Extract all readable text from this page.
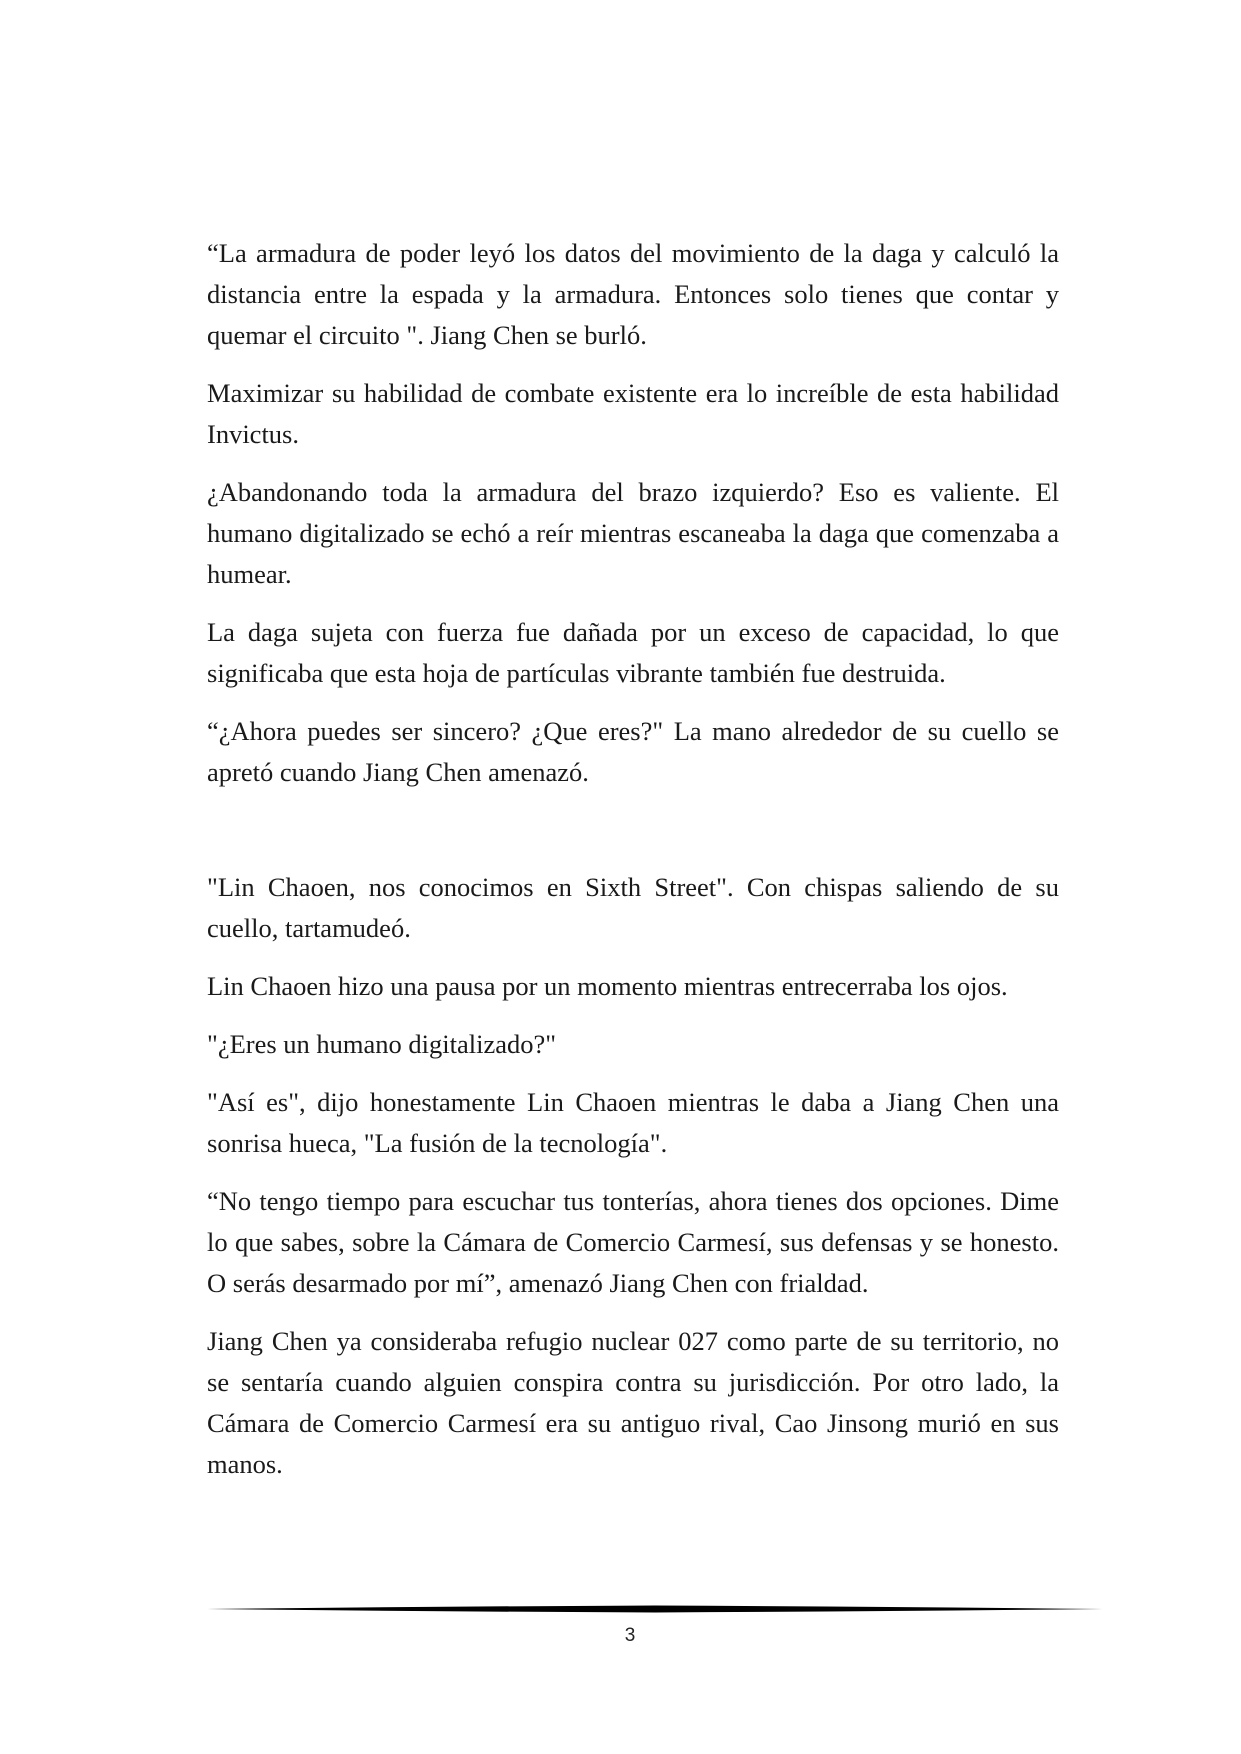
“La armadura de poder leyó los datos del movimiento de la daga y calculó la distancia entre la espada y la armadura. Entonces solo tienes que contar y quemar el circuito ". Jiang Chen se burló.

Maximizar su habilidad de combate existente era lo increíble de esta habilidad Invictus.

¿Abandonando toda la armadura del brazo izquierdo? Eso es valiente. El humano digitalizado se echó a reír mientras escaneaba la daga que comenzaba a humear.

La daga sujeta con fuerza fue dañada por un exceso de capacidad, lo que significaba que esta hoja de partículas vibrante también fue destruida.

“¿Ahora puedes ser sincero? ¿Que eres?" La mano alrededor de su cuello se apretó cuando Jiang Chen amenazó.

"Lin Chaoen, nos conocimos en Sixth Street". Con chispas saliendo de su cuello, tartamudeó.

Lin Chaoen hizo una pausa por un momento mientras entrecerraba los ojos.

"¿Eres un humano digitalizado?"

"Así es", dijo honestamente Lin Chaoen mientras le daba a Jiang Chen una sonrisa hueca, "La fusión de la tecnología".

“No tengo tiempo para escuchar tus tonterías, ahora tienes dos opciones. Dime lo que sabes, sobre la Cámara de Comercio Carmesí, sus defensas y se honesto. O serás desarmado por mí”, amenazó Jiang Chen con frialdad.

Jiang Chen ya consideraba refugio nuclear 027 como parte de su territorio, no se sentaría cuando alguien conspira contra su jurisdicción. Por otro lado, la Cámara de Comercio Carmesí era su antiguo rival, Cao Jinsong murió en sus manos.

3
